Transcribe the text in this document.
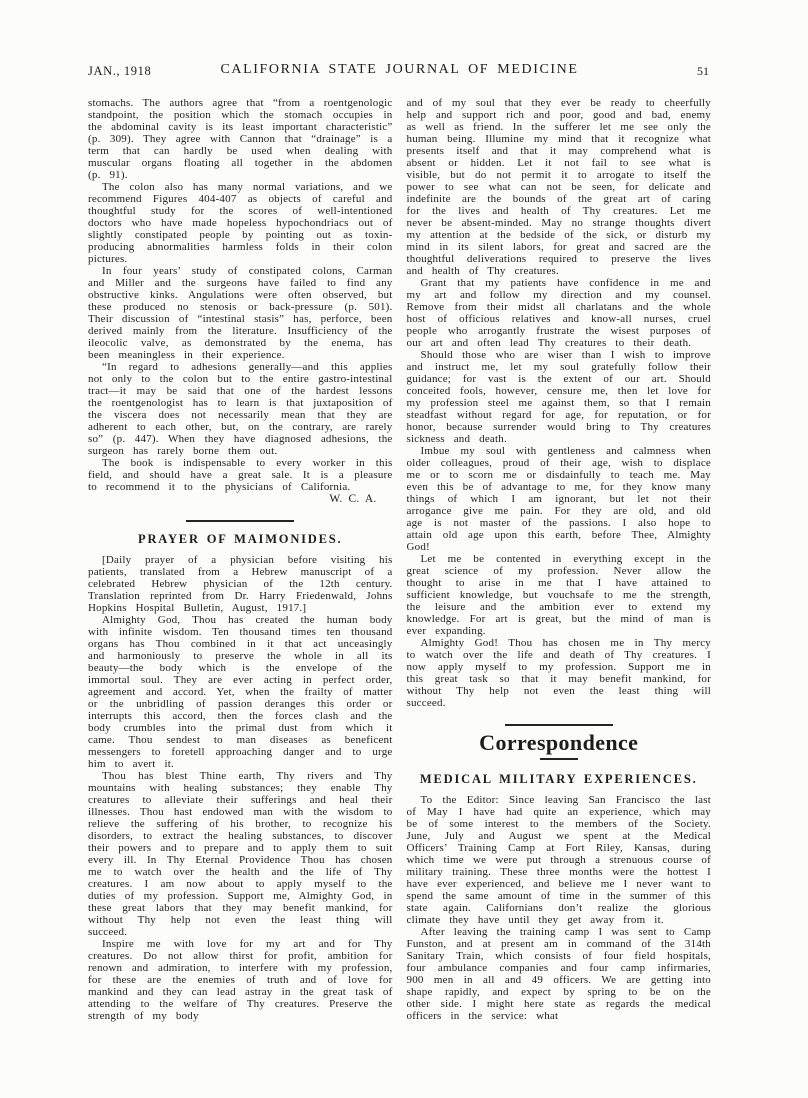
JAN., 1918	CALIFORNIA STATE JOURNAL OF MEDICINE	51

stomachs. The authors agree that “from a roentgenologic standpoint, the position which the stomach occupies in the abdominal cavity is its least important characteristic” (p. 309). They agree with Cannon that “drainage” is a term that can hardly be used when dealing with muscular organs floating all together in the abdomen (p. 91).

The colon also has many normal variations, and we recommend Figures 404-407 as objects of careful and thoughtful study for the scores of well-intentioned doctors who have made hopeless hypochondriacs out of slightly constipated people by pointing out as toxin-producing abnormalities harmless folds in their colon pictures.

In four years’ study of constipated colons, Carman and Miller and the surgeons have failed to find any obstructive kinks. Angulations were often observed, but these produced no stenosis or back-pressure (p. 501). Their discussion of “intestinal stasis” has, perforce, been derived mainly from the literature. Insufficiency of the ileocolic valve, as demonstrated by the enema, has been meaningless in their experience.

“In regard to adhesions generally—and this applies not only to the colon but to the entire gastro-intestinal tract—it may be said that one of the hardest lessons the roentgenologist has to learn is that juxtaposition of the viscera does not necessarily mean that they are adherent to each other, but, on the contrary, are rarely so” (p. 447). When they have diagnosed adhesions, the surgeon has rarely borne them out.

The book is indispensable to every worker in this field, and should have a great sale. It is a pleasure to recommend it to the physicians of California.

W. C. A.
PRAYER OF MAIMONIDES.

[Daily prayer of a physician before visiting his patients, translated from a Hebrew manuscript of a celebrated Hebrew physician of the 12th century. Translation reprinted from Dr. Harry Friedenwald, Johns Hopkins Hospital Bulletin, August, 1917.]

Almighty God, Thou has created the human body with infinite wisdom. Ten thousand times ten thousand organs has Thou combined in it that act unceasingly and harmoniously to preserve the whole in all its beauty—the body which is the envelope of the immortal soul. They are ever acting in perfect order, agreement and accord. Yet, when the frailty of matter or the unbridling of passion deranges this order or interrupts this accord, then the forces clash and the body crumbles into the primal dust from which it came. Thou sendest to man diseases as beneficent messengers to foretell approaching danger and to urge him to avert it.

Thou has blest Thine earth, Thy rivers and Thy mountains with healing substances; they enable Thy creatures to alleviate their sufferings and heal their illnesses. Thou hast endowed man with the wisdom to relieve the suffering of his brother, to recognize his disorders, to extract the healing substances, to discover their powers and to prepare and to apply them to suit every ill. In Thy Eternal Providence Thou has chosen me to watch over the health and the life of Thy creatures. I am now about to apply myself to the duties of my profession. Support me, Almighty God, in these great labors that they may benefit mankind, for without Thy help not even the least thing will succeed.

Inspire me with love for my art and for Thy creatures. Do not allow thirst for profit, ambition for renown and admiration, to interfere with my profession, for these are the enemies of truth and of love for mankind and they can lead astray in the great task of attending to the welfare of Thy creatures. Preserve the strength of my body

and of my soul that they ever be ready to cheerfully help and support rich and poor, good and bad, enemy as well as friend. In the sufferer let me see only the human being. Illumine my mind that it recognize what presents itself and that it may comprehend what is absent or hidden. Let it not fail to see what is visible, but do not permit it to arrogate to itself the power to see what can not be seen, for delicate and indefinite are the bounds of the great art of caring for the lives and health of Thy creatures. Let me never be absent-minded. May no strange thoughts divert my attention at the bedside of the sick, or disturb my mind in its silent labors, for great and sacred are the thoughtful deliverations required to preserve the lives and health of Thy creatures.

Grant that my patients have confidence in me and my art and follow my direction and my counsel. Remove from their midst all charlatans and the whole host of officious relatives and know-all nurses, cruel people who arrogantly frustrate the wisest purposes of our art and often lead Thy creatures to their death.

Should those who are wiser than I wish to improve and instruct me, let my soul gratefully follow their guidance; for vast is the extent of our art. Should conceited fools, however, censure me, then let love for my profession steel me against them, so that I remain steadfast without regard for age, for reputation, or for honor, because surrender would bring to Thy creatures sickness and death.

Imbue my soul with gentleness and calmness when older colleagues, proud of their age, wish to displace me or to scorn me or disdainfully to teach me. May even this be of advantage to me, for they know many things of which I am ignorant, but let not their arrogance give me pain. For they are old, and old age is not master of the passions. I also hope to attain old age upon this earth, before Thee, Almighty God!

Let me be contented in everything except in the great science of my profession. Never allow the thought to arise in me that I have attained to sufficient knowledge, but vouchsafe to me the strength, the leisure and the ambition ever to extend my knowledge. For art is great, but the mind of man is ever expanding.

Almighty God! Thou has chosen me in Thy mercy to watch over the life and death of Thy creatures. I now apply myself to my profession. Support me in this great task so that it may benefit mankind, for without Thy help not even the least thing will succeed.

Correspondence
MEDICAL MILITARY EXPERIENCES.

To the Editor: Since leaving San Francisco the last of May I have had quite an experience, which may be of some interest to the members of the Society. June, July and August we spent at the Medical Officers’ Training Camp at Fort Riley, Kansas, during which time we were put through a strenuous course of military training. These three months were the hottest I have ever experienced, and believe me I never want to spend the same amount of time in the summer of this state again. Californians don’t realize the glorious climate they have until they get away from it.

After leaving the training camp I was sent to Camp Funston, and at present am in command of the 314th Sanitary Train, which consists of four field hospitals, four ambulance companies and four camp infirmaries, 900 men in all and 49 officers. We are getting into shape rapidly, and expect by spring to be on the other side. I might here state as regards the medical officers in the service: what
